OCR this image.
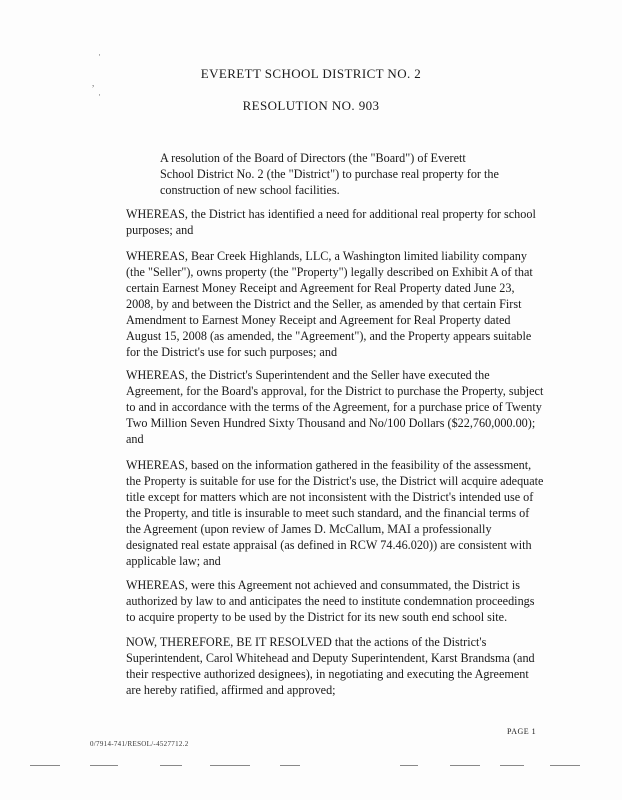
·
,
·
EVERETT SCHOOL DISTRICT NO. 2
RESOLUTION NO. 903
A resolution of the Board of Directors (the "Board") of Everett School District No. 2 (the "District") to purchase real property for the construction of new school facilities.
WHEREAS, the District has identified a need for additional real property for school purposes; and
WHEREAS, Bear Creek Highlands, LLC, a Washington limited liability company (the "Seller"), owns property (the "Property") legally described on Exhibit A of that certain Earnest Money Receipt and Agreement for Real Property dated June 23, 2008, by and between the District and the Seller, as amended by that certain First Amendment to Earnest Money Receipt and Agreement for Real Property dated August 15, 2008 (as amended, the "Agreement"), and the Property appears suitable for the District's use for such purposes; and
WHEREAS, the District's Superintendent and the Seller have executed the Agreement, for the Board's approval, for the District to purchase the Property, subject to and in accordance with the terms of the Agreement, for a purchase price of Twenty Two Million Seven Hundred Sixty Thousand and No/100 Dollars ($22,760,000.00); and
WHEREAS, based on the information gathered in the feasibility of the assessment, the Property is suitable for use for the District's use, the District will acquire adequate title except for matters which are not inconsistent with the District's intended use of the Property, and title is insurable to meet such standard, and the financial terms of the Agreement (upon review of James D. McCallum, MAI a professionally designated real estate appraisal (as defined in RCW 74.46.020)) are consistent with applicable law; and
WHEREAS, were this Agreement not achieved and consummated, the District is authorized by law to and anticipates the need to institute condemnation proceedings to acquire property to be used by the District for its new south end school site.
NOW, THEREFORE, BE IT RESOLVED that the actions of the District's Superintendent, Carol Whitehead and Deputy Superintendent, Karst Brandsma (and their respective authorized designees), in negotiating and executing the Agreement are hereby ratified, affirmed and approved;
PAGE 1
0/7914-741/RESOL/-4527712.2
